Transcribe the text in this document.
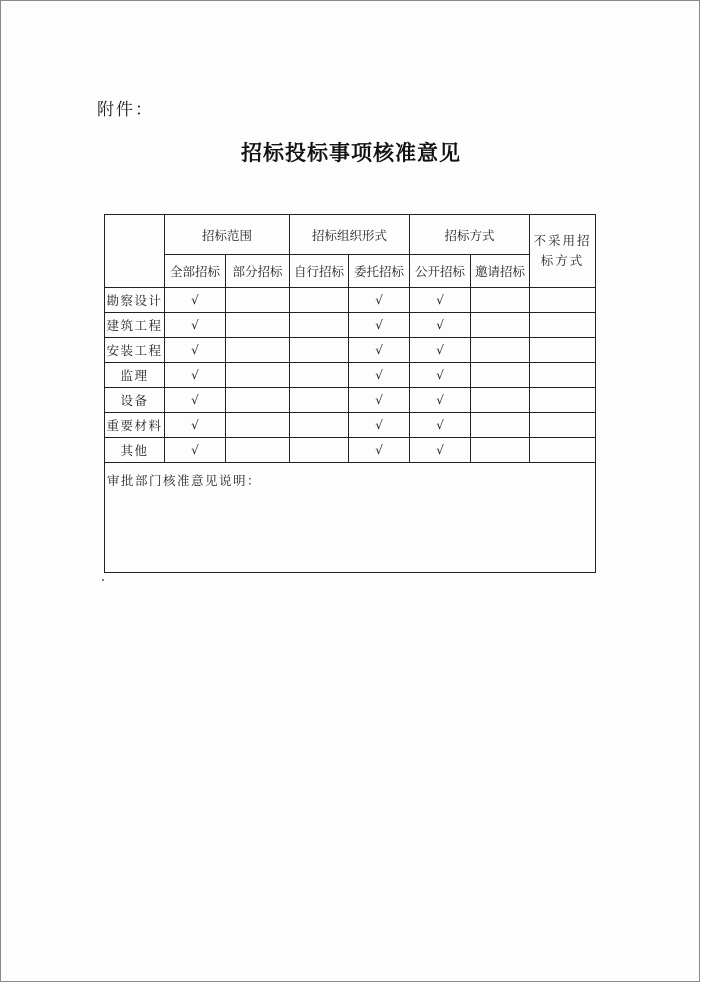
附件：
招标投标事项核准意见
	招标范围		招标组织形式		招标方式		不采用招标方式
	全部招标	部分招标	自行招标	委托招标	公开招标	邀请招标	
勘察设计	√			√	√		
建筑工程	√			√	√		
安装工程	√			√	√		
监理	√			√	√		
设备	√			√	√		
重要材料	√			√	√		
其他	√			√	√		
审批部门核准意见说明：							
